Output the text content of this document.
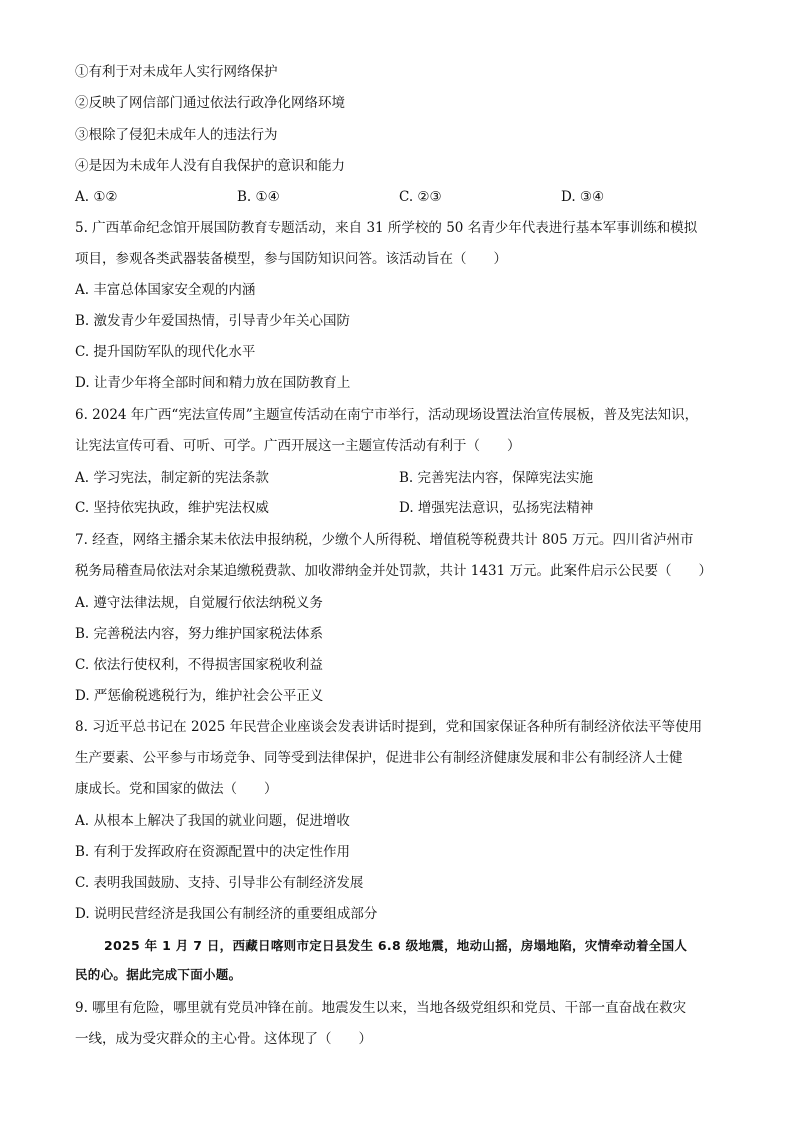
①有利于对未成年人实行网络保护
②反映了网信部门通过依法行政净化网络环境
③根除了侵犯未成年人的违法行为
④是因为未成年人没有自我保护的意识和能力
A. ①②	B. ①④	C. ②③	D. ③④
5. 广西革命纪念馆开展国防教育专题活动，来自 31 所学校的 50 名青少年代表进行基本军事训练和模拟
项目，参观各类武器装备模型，参与国防知识问答。该活动旨在（　　）
A. 丰富总体国家安全观的内涵
B. 激发青少年爱国热情，引导青少年关心国防
C. 提升国防军队的现代化水平
D. 让青少年将全部时间和精力放在国防教育上
6. 2024 年广西“宪法宣传周”主题宣传活动在南宁市举行，活动现场设置法治宣传展板，普及宪法知识，
让宪法宣传可看、可听、可学。广西开展这一主题宣传活动有利于（　　）
A. 学习宪法，制定新的宪法条款	B. 完善宪法内容，保障宪法实施
C. 坚持依宪执政，维护宪法权威	D. 增强宪法意识，弘扬宪法精神
7. 经查，网络主播余某未依法申报纳税，少缴个人所得税、增值税等税费共计 805 万元。四川省泸州市
税务局稽查局依法对余某追缴税费款、加收滞纳金并处罚款，共计 1431 万元。此案件启示公民要（　　）
A. 遵守法律法规，自觉履行依法纳税义务
B. 完善税法内容，努力维护国家税法体系
C. 依法行使权利，不得损害国家税收利益
D. 严惩偷税逃税行为，维护社会公平正义
8. 习近平总书记在 2025 年民营企业座谈会发表讲话时提到，党和国家保证各种所有制经济依法平等使用
生产要素、公平参与市场竞争、同等受到法律保护，促进非公有制经济健康发展和非公有制经济人士健
康成长。党和国家的做法（　　）
A. 从根本上解决了我国的就业问题，促进增收
B. 有利于发挥政府在资源配置中的决定性作用
C. 表明我国鼓励、支持、引导非公有制经济发展
D. 说明民营经济是我国公有制经济的重要组成部分
2025 年 1 月 7 日，西藏日喀则市定日县发生 6.8 级地震，地动山摇，房塌地陷，灾情牵动着全国人
民的心。据此完成下面小题。
9. 哪里有危险，哪里就有党员冲锋在前。地震发生以来，当地各级党组织和党员、干部一直奋战在救灾
一线，成为受灾群众的主心骨。这体现了（　　）
